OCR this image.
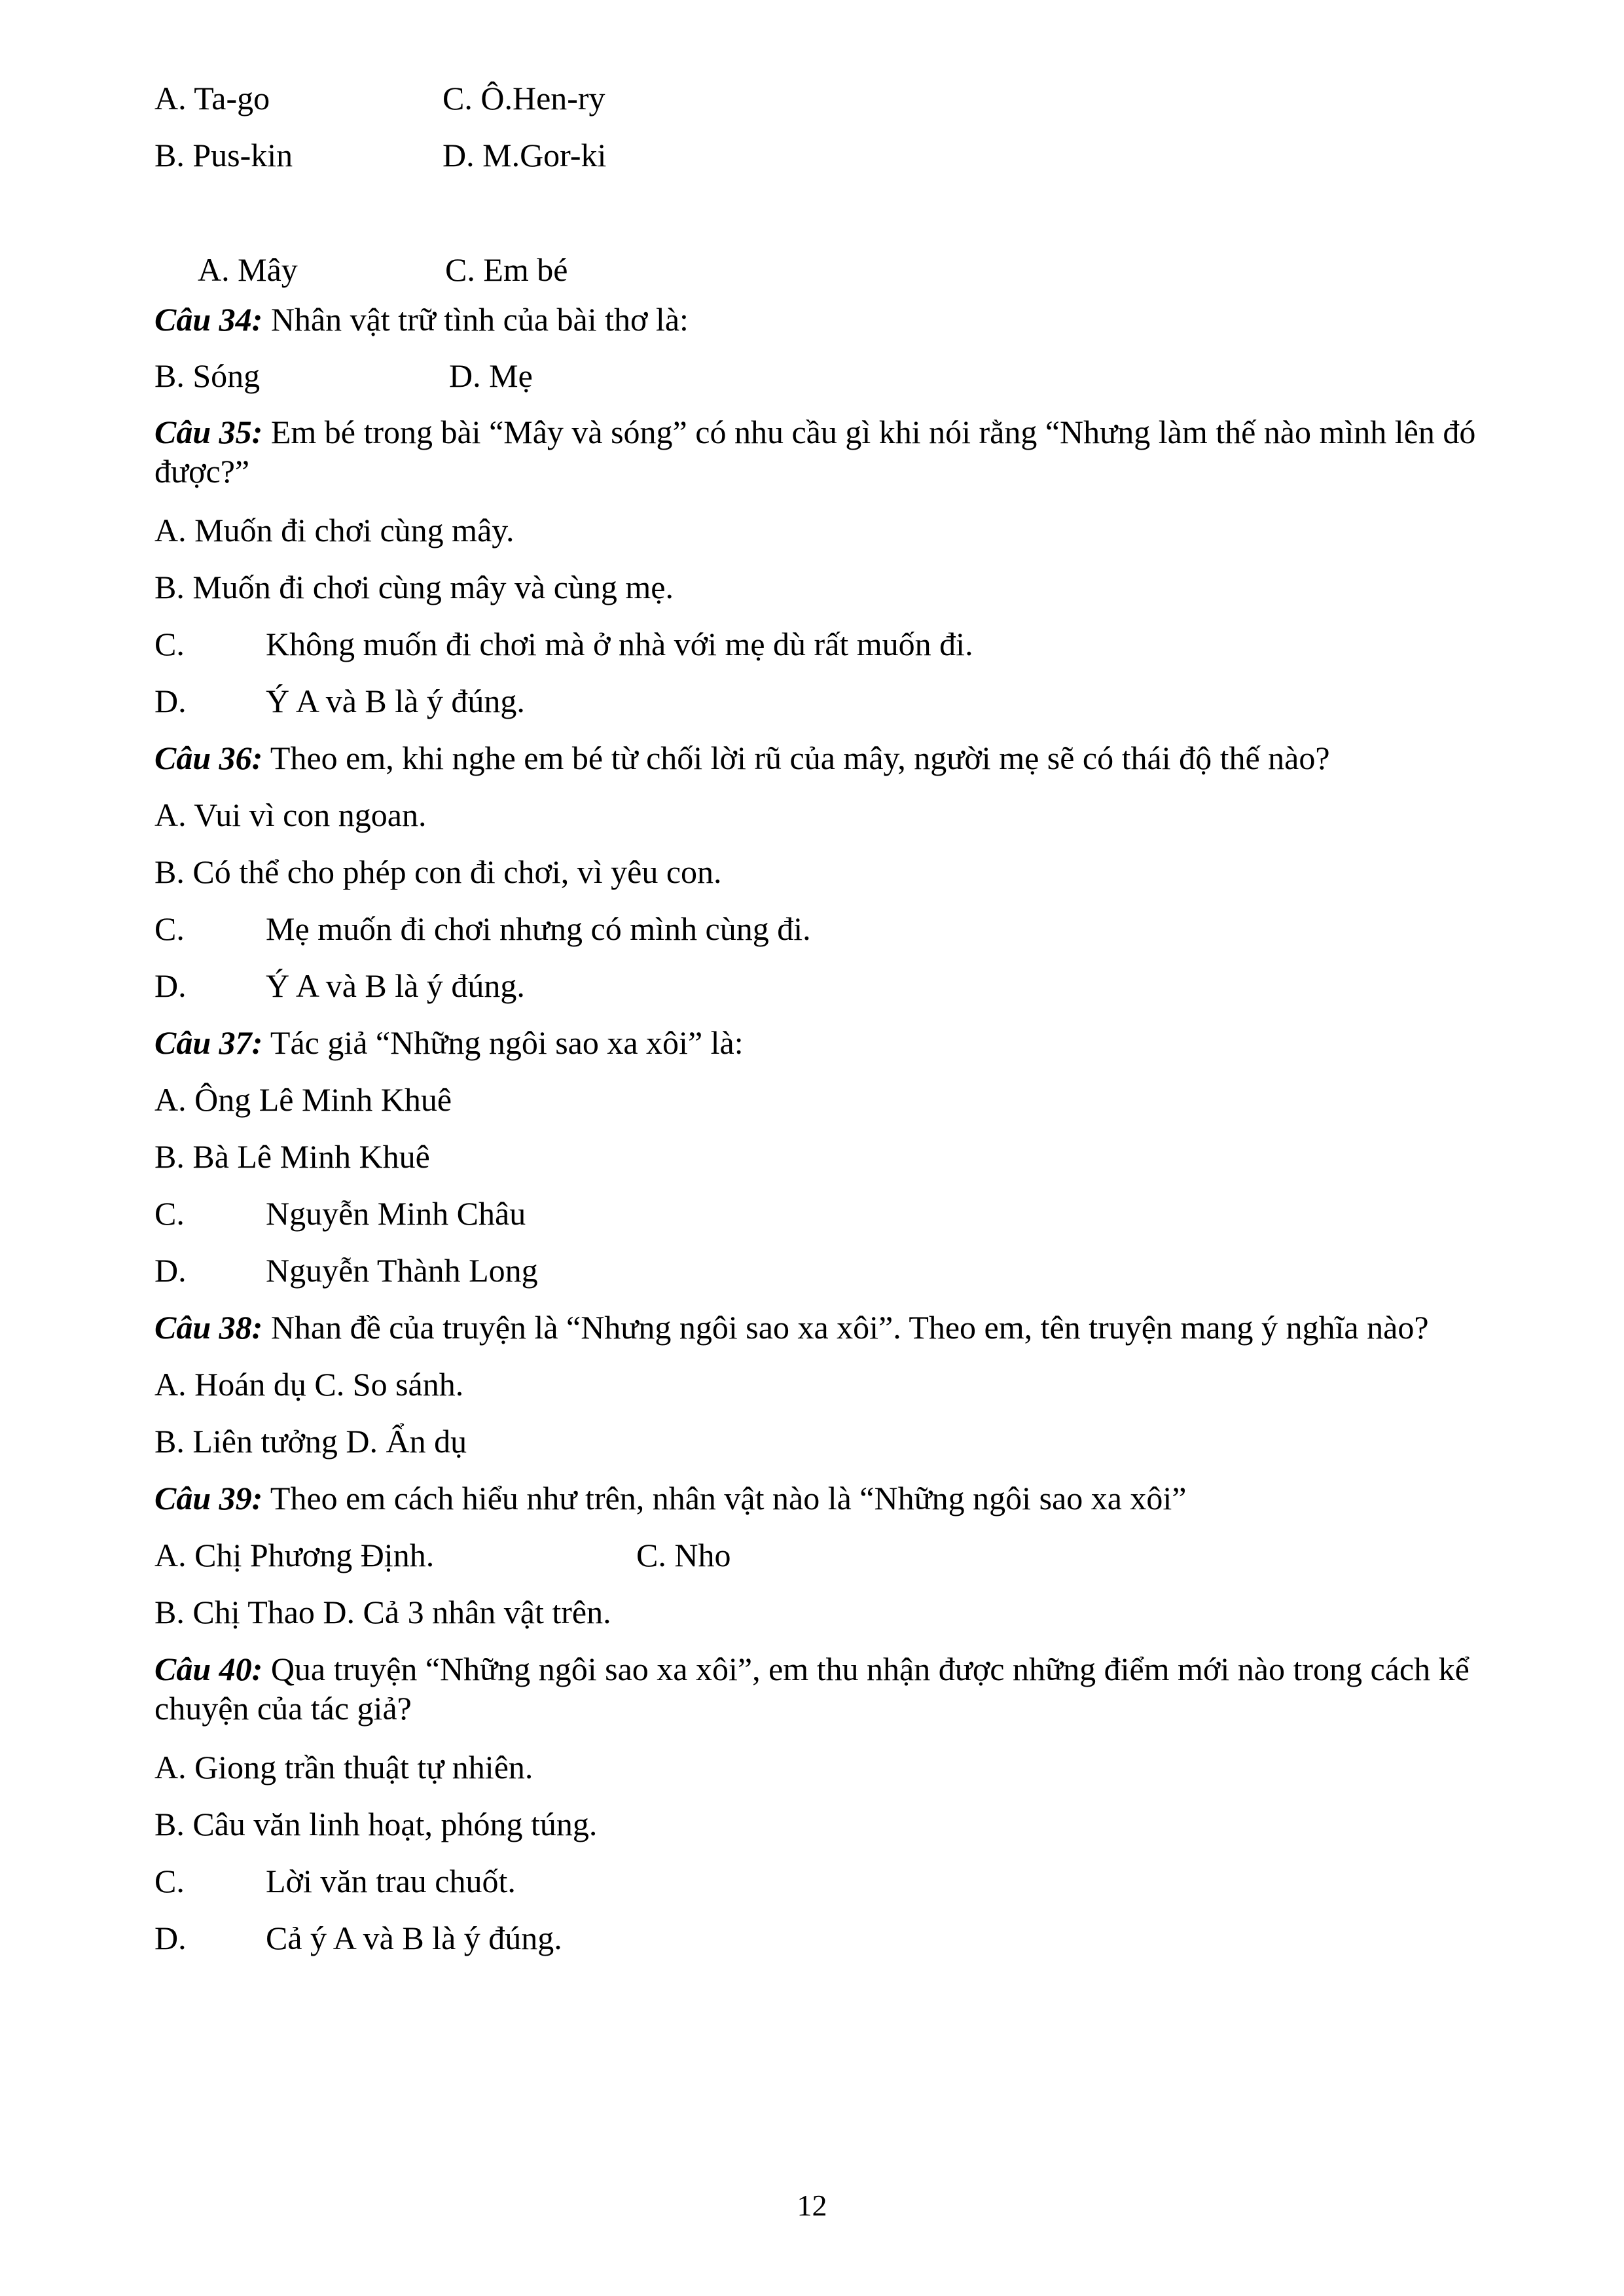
A. Ta-go	C. Ô.Hen-ry
B. Pus-kin	D. M.Gor-ki
A. Mây	C. Em bé
Câu 34: Nhân vật trữ tình của bài thơ là:
B. Sóng	D. Mẹ
Câu 35: Em bé trong bài “Mây và sóng” có nhu cầu gì khi nói rằng “Nhưng làm thế nào mình lên đó được?”
A. Muốn đi chơi cùng mây.
B. Muốn đi chơi cùng mây và cùng mẹ.
C. Không muốn đi chơi mà ở nhà với mẹ dù rất muốn đi.
D. Ý A và B là ý đúng.
Câu 36: Theo em, khi nghe em bé từ chối lời rũ của mây, người mẹ sẽ có thái độ thế nào?
A. Vui vì con ngoan.
B. Có thể cho phép con đi chơi, vì yêu con.
C. Mẹ muốn đi chơi nhưng có mình cùng đi.
D. Ý A và B là ý đúng.
Câu 37: Tác giả “Những ngôi sao xa xôi” là:
A. Ông Lê Minh Khuê
B. Bà Lê Minh Khuê
C. Nguyễn Minh Châu
D. Nguyễn Thành Long
Câu 38: Nhan đề của truyện là “Nhưng ngôi sao xa xôi”. Theo em, tên truyện mang ý nghĩa nào?
A. Hoán dụ C. So sánh.
B. Liên tưởng D. Ẩn dụ
Câu 39: Theo em cách hiểu như trên, nhân vật nào là “Những ngôi sao xa xôi”
A. Chị Phương Định.	C. Nho
B. Chị Thao D. Cả 3 nhân vật trên.
Câu 40: Qua truyện “Những ngôi sao xa xôi”, em thu nhận được những điểm mới nào trong cách kể chuyện của tác giả?
A. Giong trần thuật tự nhiên.
B. Câu văn linh hoạt, phóng túng.
C. Lời văn trau chuốt.
D. Cả ý A và B là ý đúng.
12
